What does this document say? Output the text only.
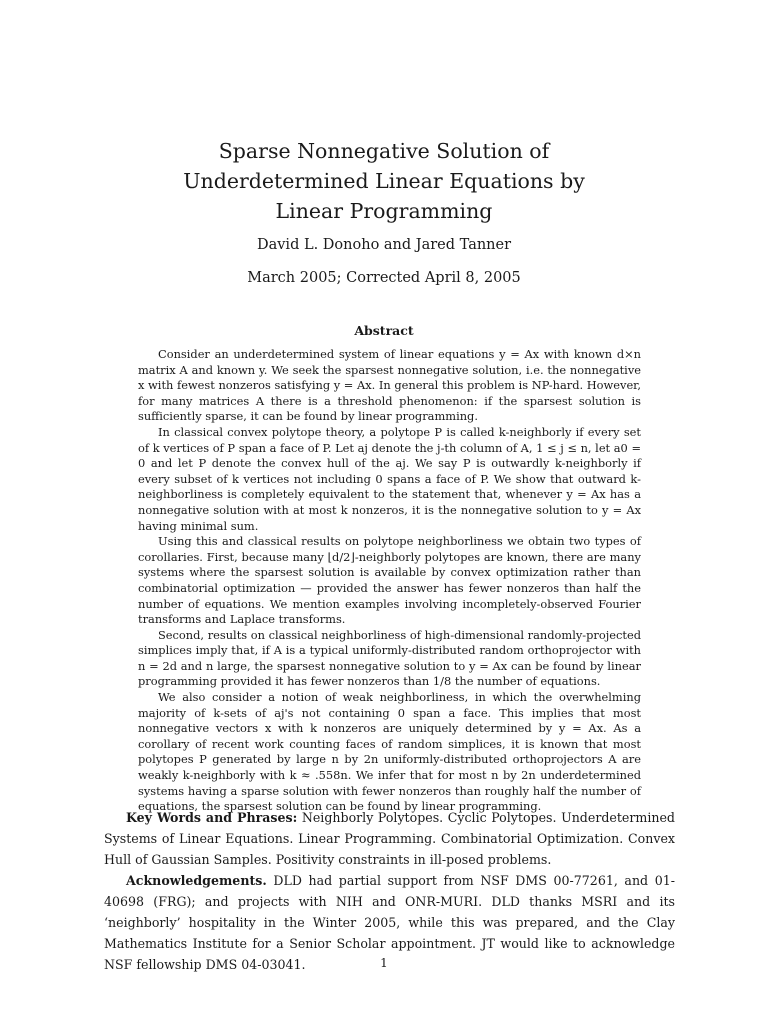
Sparse Nonnegative Solution of
Underdetermined Linear Equations by
Linear Programming
David L. Donoho and Jared Tanner
March 2005; Corrected April 8, 2005
Abstract

Consider an underdetermined system of linear equations y = Ax with known d×n matrix A and known y. We seek the sparsest nonnegative solution, i.e. the nonnegative x with fewest nonzeros satisfying y = Ax. In general this problem is NP-hard. However, for many matrices A there is a threshold phenomenon: if the sparsest solution is sufficiently sparse, it can be found by linear programming.

In classical convex polytope theory, a polytope P is called k-neighborly if every set of k vertices of P span a face of P. Let aj denote the j-th column of A, 1 ≤ j ≤ n, let a0 = 0 and let P denote the convex hull of the aj. We say P is outwardly k-neighborly if every subset of k vertices not including 0 spans a face of P. We show that outward k-neighborliness is completely equivalent to the statement that, whenever y = Ax has a nonnegative solution with at most k nonzeros, it is the nonnegative solution to y = Ax having minimal sum.

Using this and classical results on polytope neighborliness we obtain two types of corollaries. First, because many ⌊d/2⌋-neighborly polytopes are known, there are many systems where the sparsest solution is available by convex optimization rather than combinatorial optimization — provided the answer has fewer nonzeros than half the number of equations. We mention examples involving incompletely-observed Fourier transforms and Laplace transforms.

Second, results on classical neighborliness of high-dimensional randomly-projected simplices imply that, if A is a typical uniformly-distributed random orthoprojector with n = 2d and n large, the sparsest nonnegative solution to y = Ax can be found by linear programming provided it has fewer nonzeros than 1/8 the number of equations.

We also consider a notion of weak neighborliness, in which the overwhelming majority of k-sets of aj's not containing 0 span a face. This implies that most nonnegative vectors x with k nonzeros are uniquely determined by y = Ax. As a corollary of recent work counting faces of random simplices, it is known that most polytopes P generated by large n by 2n uniformly-distributed orthoprojectors A are weakly k-neighborly with k ≈ .558n. We infer that for most n by 2n underdetermined systems having a sparse solution with fewer nonzeros than roughly half the number of equations, the sparsest solution can be found by linear programming.

Key Words and Phrases: Neighborly Polytopes. Cyclic Polytopes. Underdetermined Systems of Linear Equations. Linear Programming. Combinatorial Optimization. Convex Hull of Gaussian Samples. Positivity constraints in ill-posed problems.

Acknowledgements. DLD had partial support from NSF DMS 00-77261, and 01-40698 (FRG); and projects with NIH and ONR-MURI. DLD thanks MSRI and its ‘neighborly’ hospitality in the Winter 2005, while this was prepared, and the Clay Mathematics Institute for a Senior Scholar appointment. JT would like to acknowledge NSF fellowship DMS 04-03041.	1
